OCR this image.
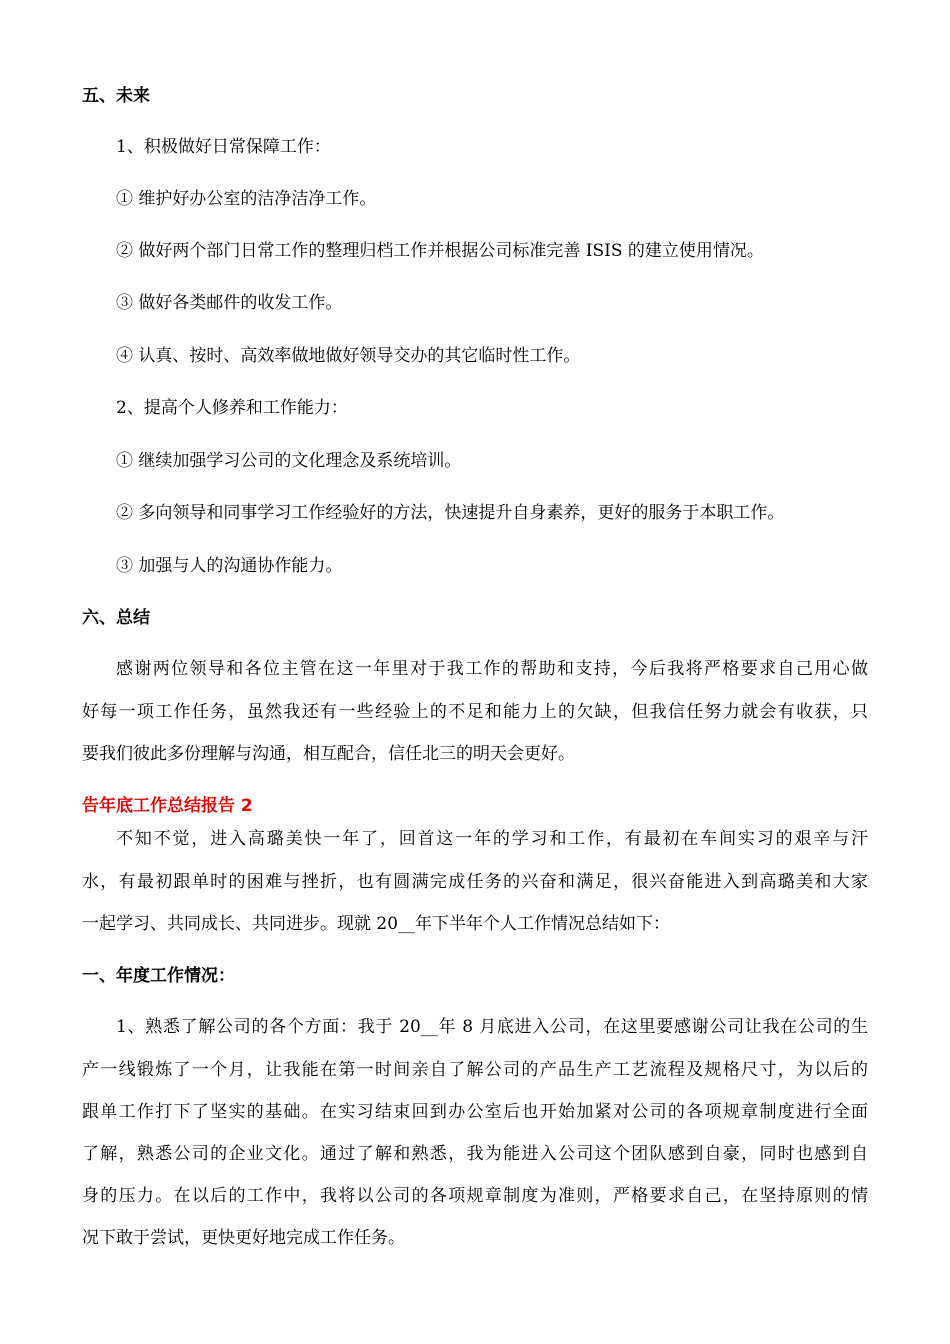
五、未来
1、积极做好日常保障工作：
① 维护好办公室的洁净洁净工作。
② 做好两个部门日常工作的整理归档工作并根据公司标准完善 ISIS 的建立使用情况。
③ 做好各类邮件的收发工作。
④ 认真、按时、高效率做地做好领导交办的其它临时性工作。
2、提高个人修养和工作能力：
① 继续加强学习公司的文化理念及系统培训。
② 多向领导和同事学习工作经验好的方法，快速提升自身素养，更好的服务于本职工作。
③ 加强与人的沟通协作能力。
六、总结
感谢两位领导和各位主管在这一年里对于我工作的帮助和支持，今后我将严格要求自己用心做
好每一项工作任务，虽然我还有一些经验上的不足和能力上的欠缺，但我信任努力就会有收获，只
要我们彼此多份理解与沟通，相互配合，信任北三的明天会更好。
告年底工作总结报告 2
不知不觉，进入高璐美快一年了，回首这一年的学习和工作，有最初在车间实习的艰辛与汗
水，有最初跟单时的困难与挫折，也有圆满完成任务的兴奋和满足，很兴奋能进入到高璐美和大家
一起学习、共同成长、共同进步。现就 20__年下半年个人工作情况总结如下：
一、年度工作情况：
1、熟悉了解公司的各个方面：我于 20__年 8 月底进入公司，在这里要感谢公司让我在公司的生
产一线锻炼了一个月，让我能在第一时间亲自了解公司的产品生产工艺流程及规格尺寸，为以后的
跟单工作打下了坚实的基础。在实习结束回到办公室后也开始加紧对公司的各项规章制度进行全面
了解，熟悉公司的企业文化。通过了解和熟悉，我为能进入公司这个团队感到自豪，同时也感到自
身的压力。在以后的工作中，我将以公司的各项规章制度为准则，严格要求自己，在坚持原则的情
况下敢于尝试，更快更好地完成工作任务。
